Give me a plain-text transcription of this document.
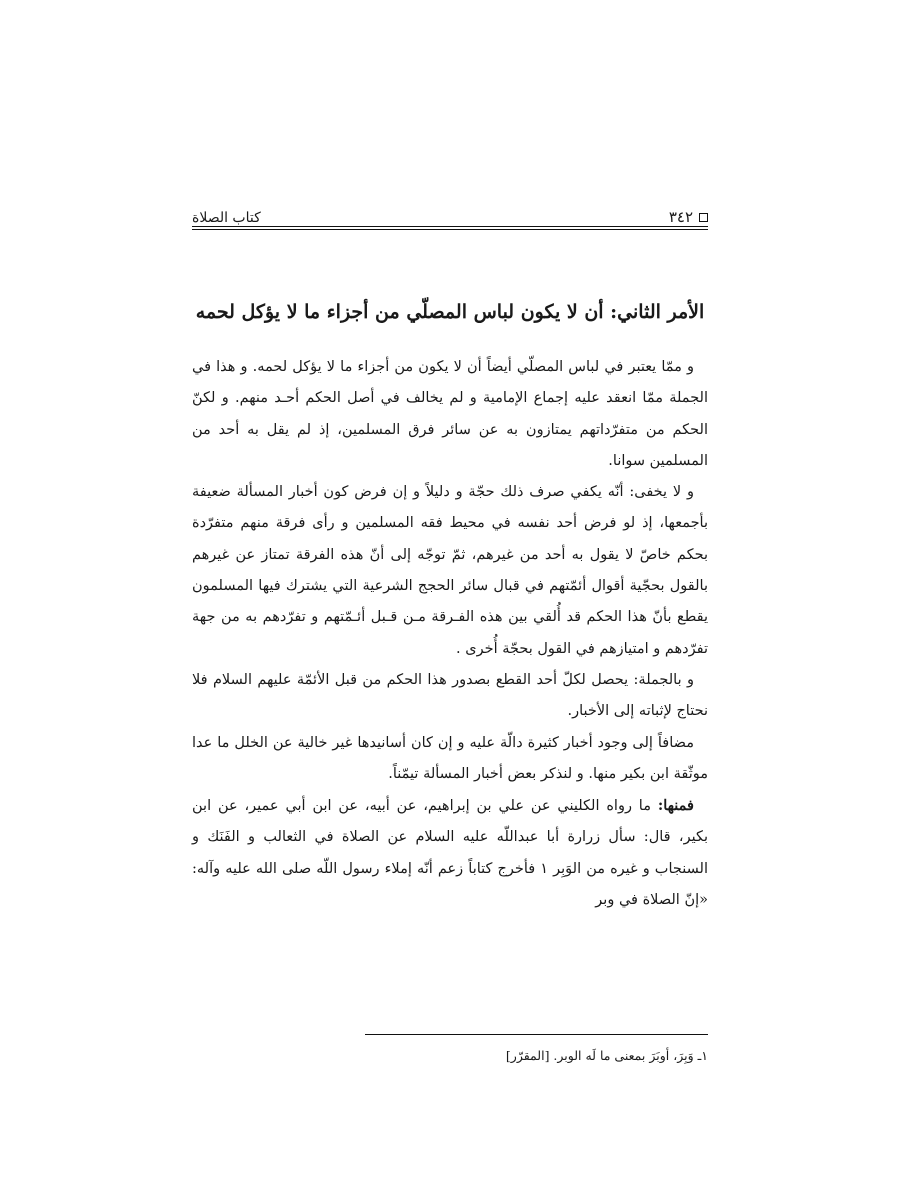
٣٤٢
كتاب الصلاة
الأمر الثاني: أن لا يكون لباس المصلّي من أجزاء ما لا يؤكل لحمه

و ممّا يعتبر في لباس المصلّي أيضاً أن لا يكون من أجزاء ما لا يؤكل لحمه. و هذا في الجملة ممّا انعقد عليه إجماع الإمامية و لم يخالف في أصل الحكم أحـد منهم. و لكنّ الحكم من متفرّداتهم يمتازون به عن سائر فرق المسلمين، إذ لم يقل به أحد من المسلمين سوانا.

و لا يخفى: أنّه يكفي صرف ذلك حجّة و دليلاً و إن فرض كون أخبار المسألة ضعيفة بأجمعها، إذ لو فرض أحد نفسه في محيط فقه المسلمين و رأى فرقة منهم متفرّدة بحكم خاصّ لا يقول به أحد من غيرهم، ثمّ توجّه إلى أنّ هذه الفرقة تمتاز عن غيرهم بالقول بحجّية أقوال أئمّتهم في قبال سائر الحجج الشرعية التي يشترك فيها المسلمون يقطع بأنّ هذا الحكم قد أُلقي بين هذه الفـرقة مـن قـبل أئـمّتهم و تفرّدهم به من جهة تفرّدهم و امتيازهم في القول بحجّة أُخرى .

و بالجملة: يحصل لكلّ أحد القطع بصدور هذا الحكم من قبل الأئمّة عليهم السلام فلا نحتاج لإثباته إلى الأخبار.

مضافاً إلى وجود أخبار كثيرة دالّة عليه و إن كان أسانيدها غير خالية عن الخلل ما عدا موثّقة ابن بكير منها. و لنذكر بعض أخبار المسألة تيمّناً.

فمنها: ما رواه الكليني عن علي بن إبراهيم، عن أبيه، عن ابن أبي عمير، عن ابن بكير، قال: سأل زرارة أبا عبداللّه عليه السلام عن الصلاة في الثعالب و الفَنَك و السنجاب و غيره من الوَبِر ١ فأخرج كتاباً زعم أنّه إملاء رسول اللّه صلى الله عليه وآله: «إنّ الصلاة في وبر

١ـ وَبِرَ، أوبَرَ بمعنى ما لَه الوبر. [المقرّر]
